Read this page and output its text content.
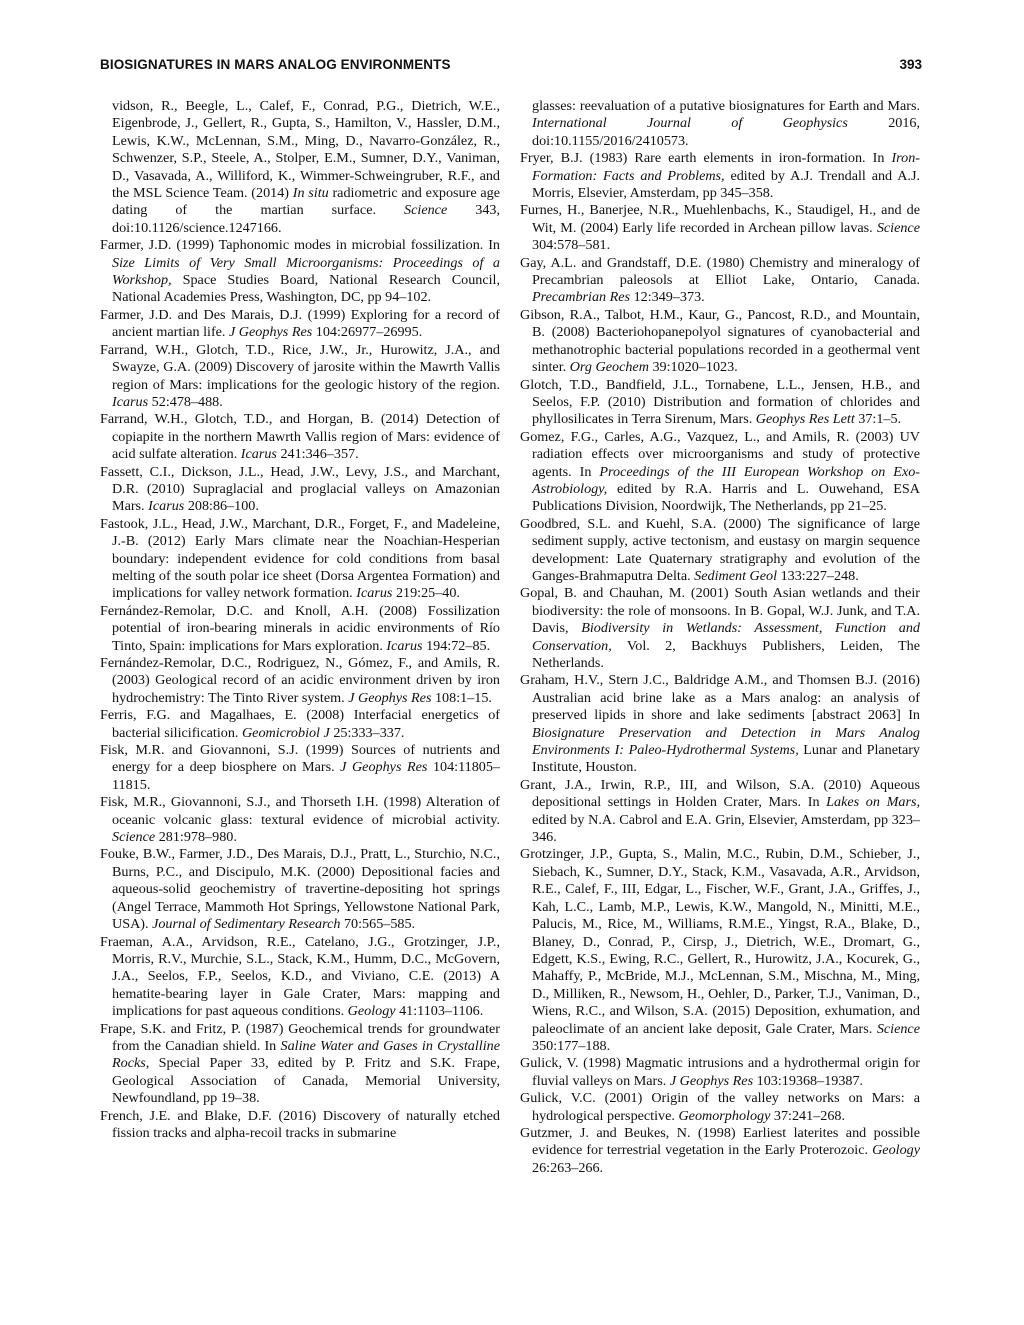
BIOSIGNATURES IN MARS ANALOG ENVIRONMENTS	393

vidson, R., Beegle, L., Calef, F., Conrad, P.G., Dietrich, W.E., Eigenbrode, J., Gellert, R., Gupta, S., Hamilton, V., Hassler, D.M., Lewis, K.W., McLennan, S.M., Ming, D., Navarro-González, R., Schwenzer, S.P., Steele, A., Stolper, E.M., Sumner, D.Y., Vaniman, D., Vasavada, A., Williford, K., Wimmer-Schweingruber, R.F., and the MSL Science Team. (2014) In situ radiometric and exposure age dating of the martian surface. Science 343, doi:10.1126/science.1247166.

Farmer, J.D. (1999) Taphonomic modes in microbial fossilization. In Size Limits of Very Small Microorganisms: Proceedings of a Workshop, Space Studies Board, National Research Council, National Academies Press, Washington, DC, pp 94–102.

Farmer, J.D. and Des Marais, D.J. (1999) Exploring for a record of ancient martian life. J Geophys Res 104:26977–26995.

Farrand, W.H., Glotch, T.D., Rice, J.W., Jr., Hurowitz, J.A., and Swayze, G.A. (2009) Discovery of jarosite within the Mawrth Vallis region of Mars: implications for the geologic history of the region. Icarus 52:478–488.

Farrand, W.H., Glotch, T.D., and Horgan, B. (2014) Detection of copiapite in the northern Mawrth Vallis region of Mars: evidence of acid sulfate alteration. Icarus 241:346–357.

Fassett, C.I., Dickson, J.L., Head, J.W., Levy, J.S., and Marchant, D.R. (2010) Supraglacial and proglacial valleys on Amazonian Mars. Icarus 208:86–100.

Fastook, J.L., Head, J.W., Marchant, D.R., Forget, F., and Madeleine, J.-B. (2012) Early Mars climate near the Noachian-Hesperian boundary: independent evidence for cold conditions from basal melting of the south polar ice sheet (Dorsa Argentea Formation) and implications for valley network formation. Icarus 219:25–40.

Fernández-Remolar, D.C. and Knoll, A.H. (2008) Fossilization potential of iron-bearing minerals in acidic environments of Río Tinto, Spain: implications for Mars exploration. Icarus 194:72–85.

Fernández-Remolar, D.C., Rodriguez, N., Gómez, F., and Amils, R. (2003) Geological record of an acidic environment driven by iron hydrochemistry: The Tinto River system. J Geophys Res 108:1–15.

Ferris, F.G. and Magalhaes, E. (2008) Interfacial energetics of bacterial silicification. Geomicrobiol J 25:333–337.

Fisk, M.R. and Giovannoni, S.J. (1999) Sources of nutrients and energy for a deep biosphere on Mars. J Geophys Res 104:11805–11815.

Fisk, M.R., Giovannoni, S.J., and Thorseth I.H. (1998) Alteration of oceanic volcanic glass: textural evidence of microbial activity. Science 281:978–980.

Fouke, B.W., Farmer, J.D., Des Marais, D.J., Pratt, L., Sturchio, N.C., Burns, P.C., and Discipulo, M.K. (2000) Depositional facies and aqueous-solid geochemistry of travertine-depositing hot springs (Angel Terrace, Mammoth Hot Springs, Yellowstone National Park, USA). Journal of Sedimentary Research 70:565–585.

Fraeman, A.A., Arvidson, R.E., Catelano, J.G., Grotzinger, J.P., Morris, R.V., Murchie, S.L., Stack, K.M., Humm, D.C., McGovern, J.A., Seelos, F.P., Seelos, K.D., and Viviano, C.E. (2013) A hematite-bearing layer in Gale Crater, Mars: mapping and implications for past aqueous conditions. Geology 41:1103–1106.

Frape, S.K. and Fritz, P. (1987) Geochemical trends for groundwater from the Canadian shield. In Saline Water and Gases in Crystalline Rocks, Special Paper 33, edited by P. Fritz and S.K. Frape, Geological Association of Canada, Memorial University, Newfoundland, pp 19–38.

French, J.E. and Blake, D.F. (2016) Discovery of naturally etched fission tracks and alpha-recoil tracks in submarine

glasses: reevaluation of a putative biosignatures for Earth and Mars. International Journal of Geophysics 2016, doi:10.1155/2016/2410573.

Fryer, B.J. (1983) Rare earth elements in iron-formation. In Iron-Formation: Facts and Problems, edited by A.J. Trendall and A.J. Morris, Elsevier, Amsterdam, pp 345–358.

Furnes, H., Banerjee, N.R., Muehlenbachs, K., Staudigel, H., and de Wit, M. (2004) Early life recorded in Archean pillow lavas. Science 304:578–581.

Gay, A.L. and Grandstaff, D.E. (1980) Chemistry and mineralogy of Precambrian paleosols at Elliot Lake, Ontario, Canada. Precambrian Res 12:349–373.

Gibson, R.A., Talbot, H.M., Kaur, G., Pancost, R.D., and Mountain, B. (2008) Bacteriohopanepolyol signatures of cyanobacterial and methanotrophic bacterial populations recorded in a geothermal vent sinter. Org Geochem 39:1020–1023.

Glotch, T.D., Bandfield, J.L., Tornabene, L.L., Jensen, H.B., and Seelos, F.P. (2010) Distribution and formation of chlorides and phyllosilicates in Terra Sirenum, Mars. Geophys Res Lett 37:1–5.

Gomez, F.G., Carles, A.G., Vazquez, L., and Amils, R. (2003) UV radiation effects over microorganisms and study of protective agents. In Proceedings of the III European Workshop on Exo-Astrobiology, edited by R.A. Harris and L. Ouwehand, ESA Publications Division, Noordwijk, The Netherlands, pp 21–25.

Goodbred, S.L. and Kuehl, S.A. (2000) The significance of large sediment supply, active tectonism, and eustasy on margin sequence development: Late Quaternary stratigraphy and evolution of the Ganges-Brahmaputra Delta. Sediment Geol 133:227–248.

Gopal, B. and Chauhan, M. (2001) South Asian wetlands and their biodiversity: the role of monsoons. In B. Gopal, W.J. Junk, and T.A. Davis, Biodiversity in Wetlands: Assessment, Function and Conservation, Vol. 2, Backhuys Publishers, Leiden, The Netherlands.

Graham, H.V., Stern J.C., Baldridge A.M., and Thomsen B.J. (2016) Australian acid brine lake as a Mars analog: an analysis of preserved lipids in shore and lake sediments [abstract 2063] In Biosignature Preservation and Detection in Mars Analog Environments I: Paleo-Hydrothermal Systems, Lunar and Planetary Institute, Houston.

Grant, J.A., Irwin, R.P., III, and Wilson, S.A. (2010) Aqueous depositional settings in Holden Crater, Mars. In Lakes on Mars, edited by N.A. Cabrol and E.A. Grin, Elsevier, Amsterdam, pp 323–346.

Grotzinger, J.P., Gupta, S., Malin, M.C., Rubin, D.M., Schieber, J., Siebach, K., Sumner, D.Y., Stack, K.M., Vasavada, A.R., Arvidson, R.E., Calef, F., III, Edgar, L., Fischer, W.F., Grant, J.A., Griffes, J., Kah, L.C., Lamb, M.P., Lewis, K.W., Mangold, N., Minitti, M.E., Palucis, M., Rice, M., Williams, R.M.E., Yingst, R.A., Blake, D., Blaney, D., Conrad, P., Cirsp, J., Dietrich, W.E., Dromart, G., Edgett, K.S., Ewing, R.C., Gellert, R., Hurowitz, J.A., Kocurek, G., Mahaffy, P., McBride, M.J., McLennan, S.M., Mischna, M., Ming, D., Milliken, R., Newsom, H., Oehler, D., Parker, T.J., Vaniman, D., Wiens, R.C., and Wilson, S.A. (2015) Deposition, exhumation, and paleoclimate of an ancient lake deposit, Gale Crater, Mars. Science 350:177–188.

Gulick, V. (1998) Magmatic intrusions and a hydrothermal origin for fluvial valleys on Mars. J Geophys Res 103:19368–19387.

Gulick, V.C. (2001) Origin of the valley networks on Mars: a hydrological perspective. Geomorphology 37:241–268.

Gutzmer, J. and Beukes, N. (1998) Earliest laterites and possible evidence for terrestrial vegetation in the Early Proterozoic. Geology 26:263–266.
